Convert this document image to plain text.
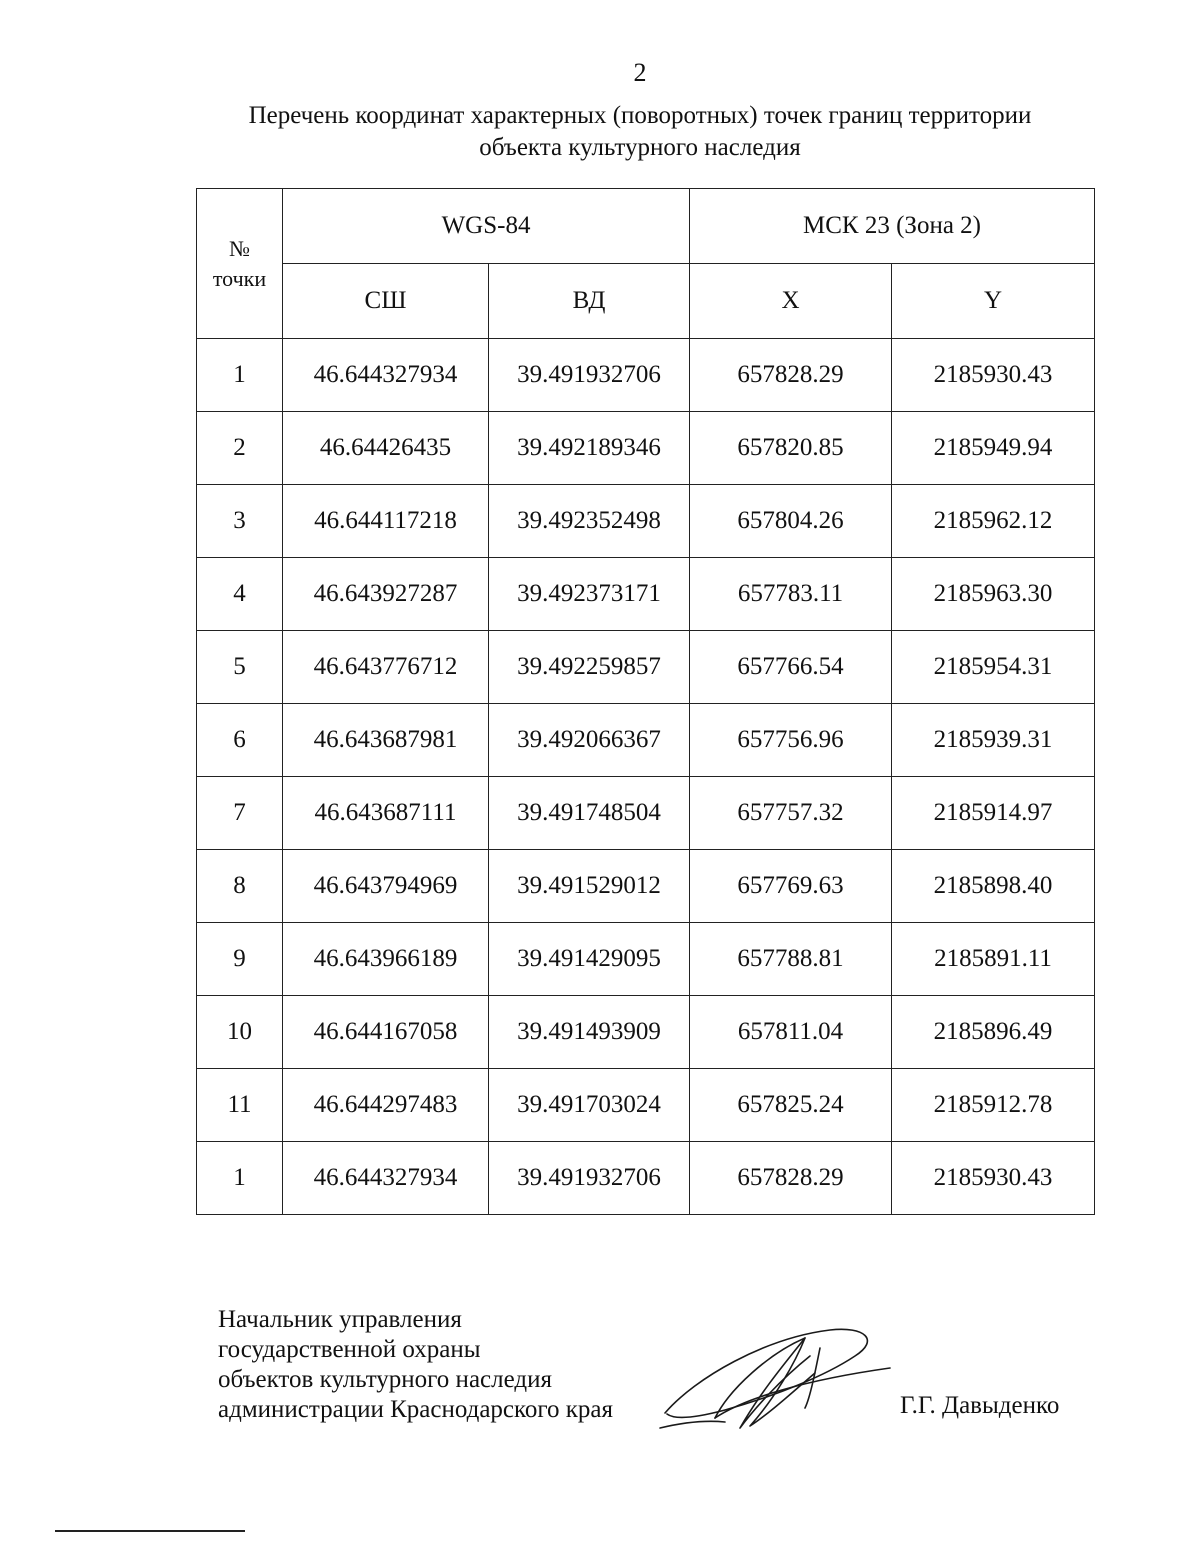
2
Перечень координат характерных (поворотных) точек границ территории
объекта культурного наследия
№
точки	WGS-84		МСК 23 (Зона 2)	
	СШ	ВД	X	Y
1	46.644327934	39.491932706	657828.29	2185930.43
2	46.64426435	39.492189346	657820.85	2185949.94
3	46.644117218	39.492352498	657804.26	2185962.12
4	46.643927287	39.492373171	657783.11	2185963.30
5	46.643776712	39.492259857	657766.54	2185954.31
6	46.643687981	39.492066367	657756.96	2185939.31
7	46.643687111	39.491748504	657757.32	2185914.97
8	46.643794969	39.491529012	657769.63	2185898.40
9	46.643966189	39.491429095	657788.81	2185891.11
10	46.644167058	39.491493909	657811.04	2185896.49
11	46.644297483	39.491703024	657825.24	2185912.78
1	46.644327934	39.491932706	657828.29	2185930.43
Начальник управления
государственной охраны
объектов культурного наследия
администрации Краснодарского края	Г.Г. Давыденко
